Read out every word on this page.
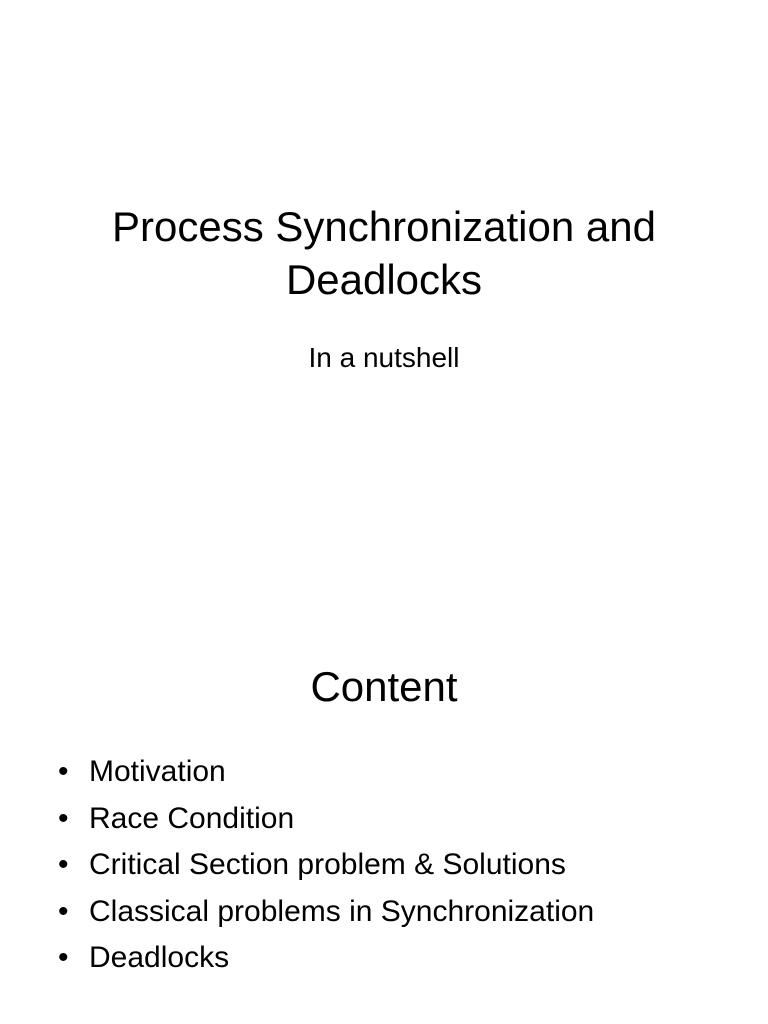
Process Synchronization and
Deadlocks

In a nutshell

Content
• Motivation
• Race Condition
• Critical Section problem & Solutions
• Classical problems in Synchronization
• Deadlocks
